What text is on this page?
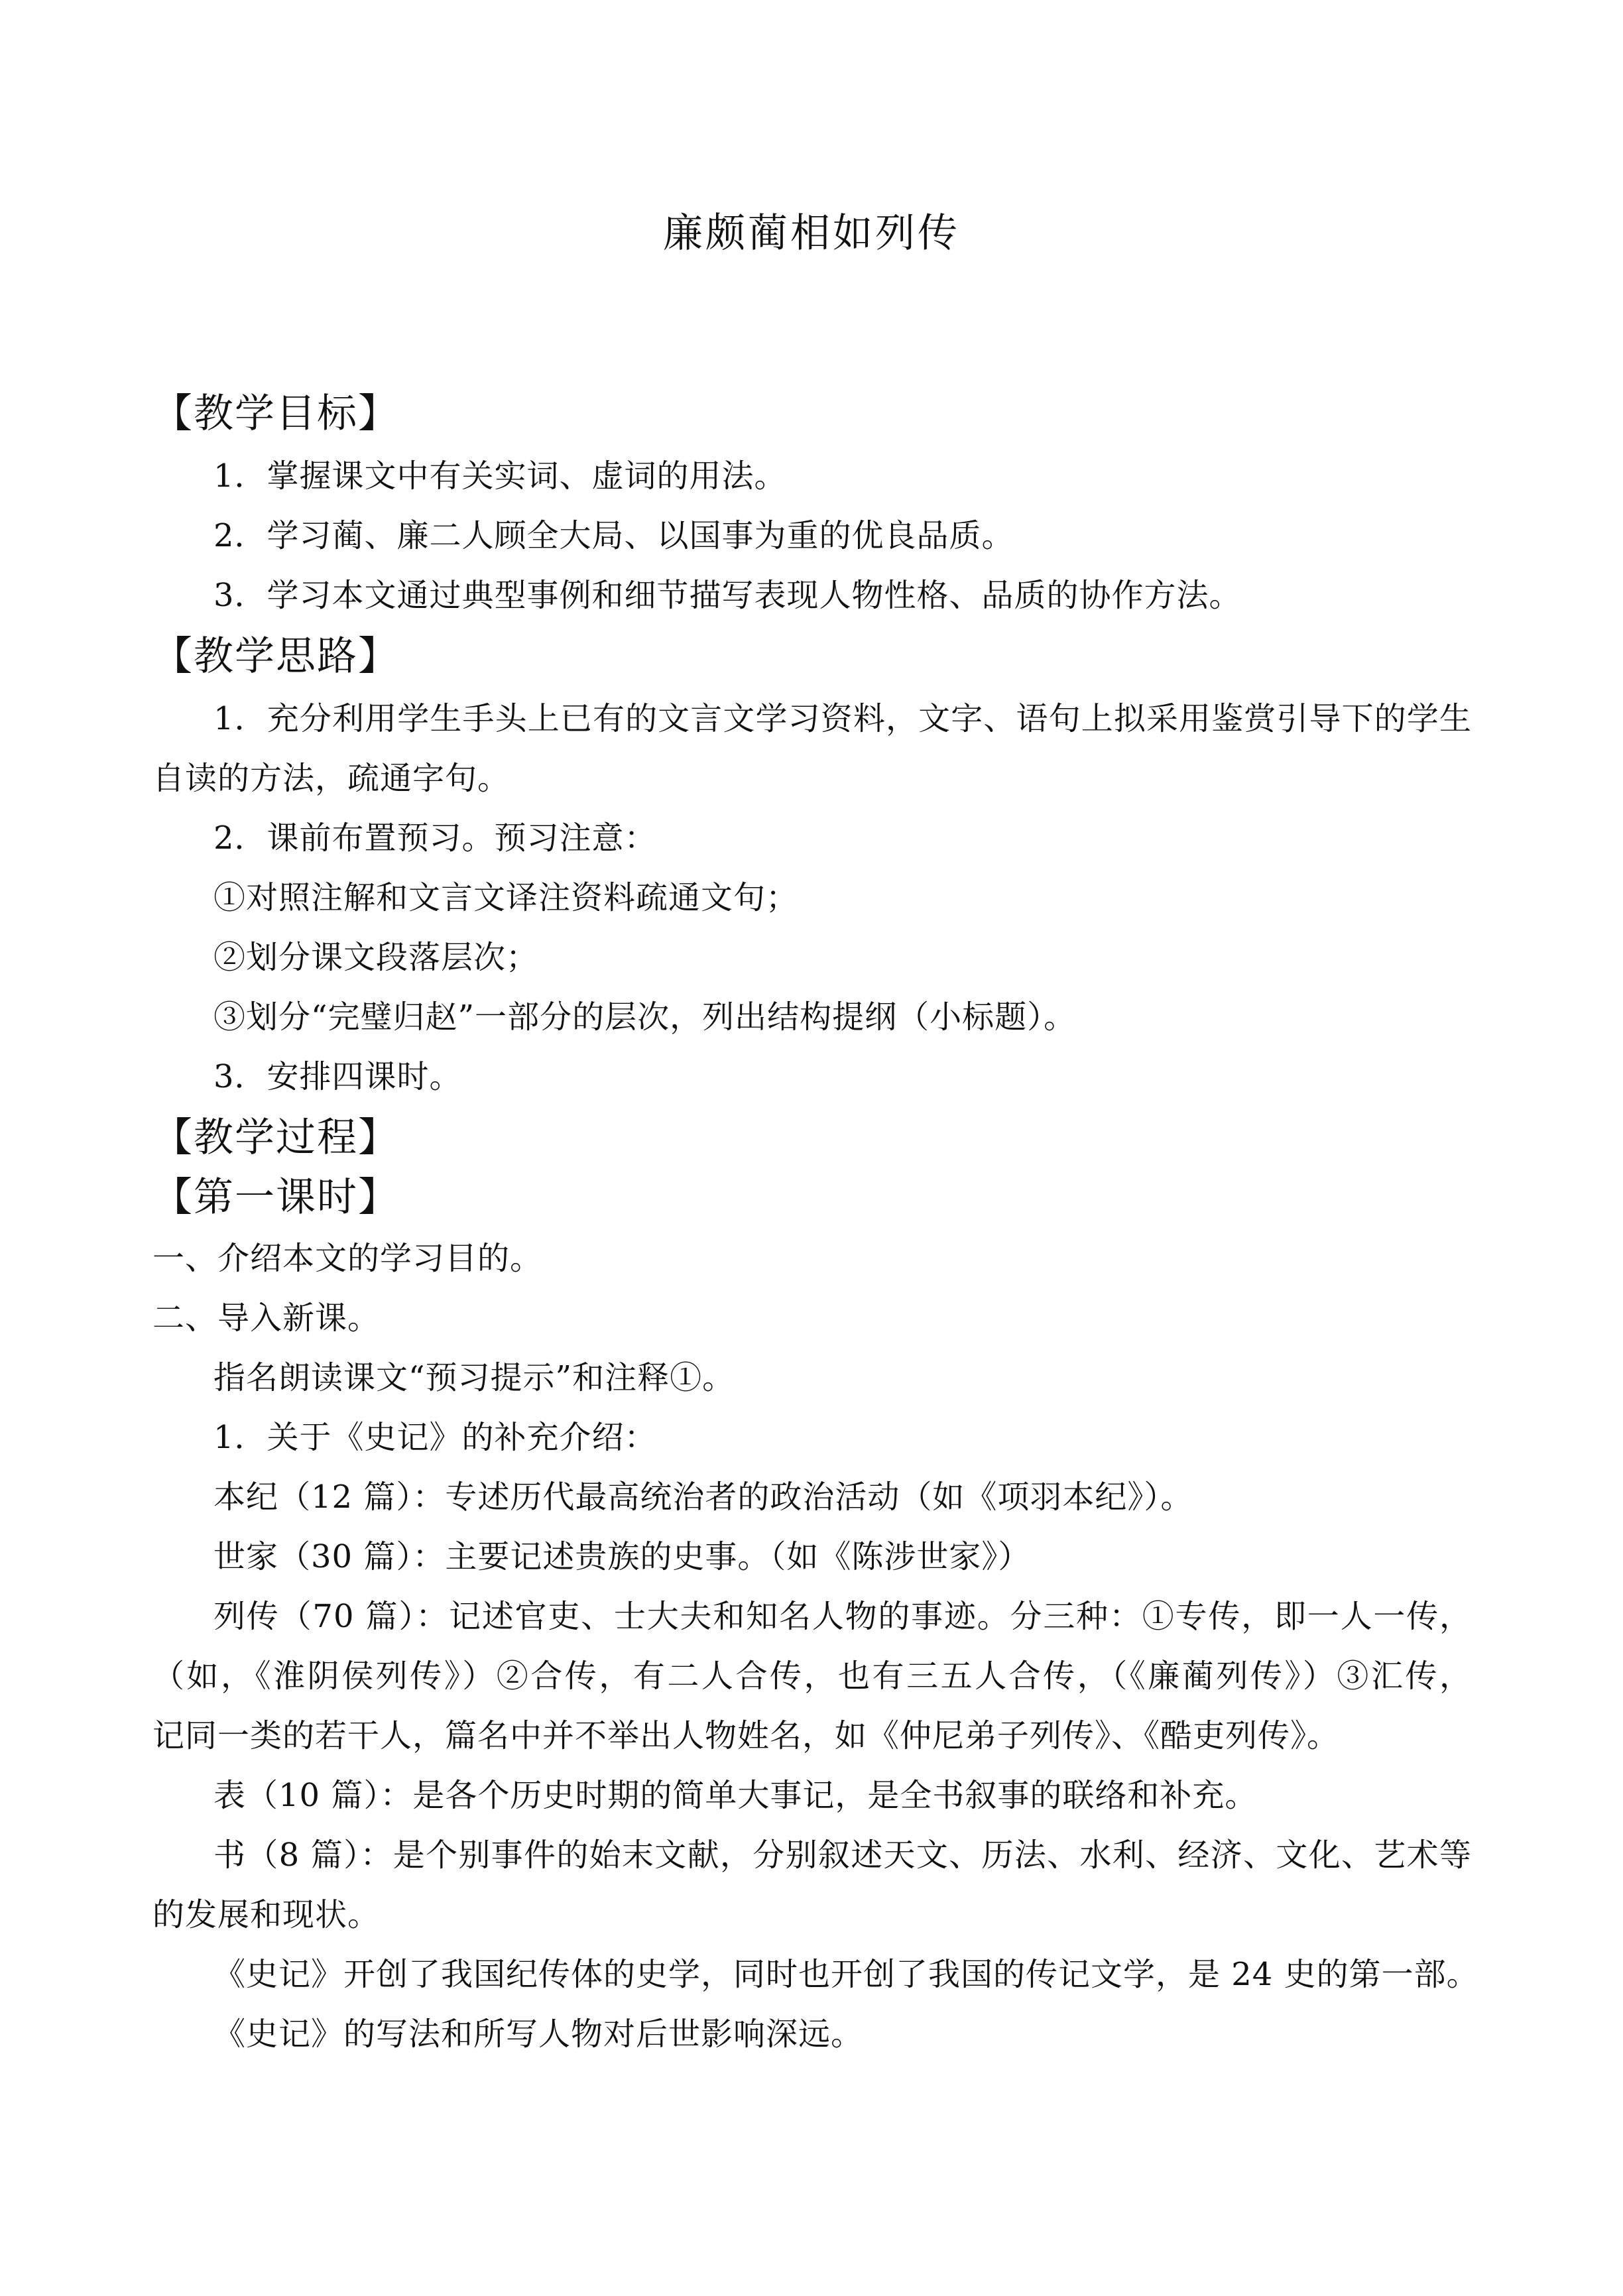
廉颇蔺相如列传
【教学目标】
1．掌握课文中有关实词、虚词的用法。
2．学习蔺、廉二人顾全大局、以国事为重的优良品质。
3．学习本文通过典型事例和细节描写表现人物性格、品质的协作方法。
【教学思路】
1．充分利用学生手头上已有的文言文学习资料，文字、语句上拟采用鉴赏引导下的学生
自读的方法，疏通字句。
2．课前布置预习。预习注意：
①对照注解和文言文译注资料疏通文句；
②划分课文段落层次；
③划分“完璧归赵”一部分的层次，列出结构提纲（小标题）。
3．安排四课时。
【教学过程】
【第一课时】
一、介绍本文的学习目的。
二、导入新课。
指名朗读课文“预习提示”和注释①。
1．关于《史记》的补充介绍：
本纪（12 篇）：专述历代最高统治者的政治活动（如《项羽本纪》）。
世家（30 篇）：主要记述贵族的史事。（如《陈涉世家》）
列传（70 篇）：记述官吏、士大夫和知名人物的事迹。分三种：①专传，即一人一传，
（如，《淮阴侯列传》）②合传，有二人合传，也有三五人合传，（《廉蔺列传》）③汇传，
记同一类的若干人，篇名中并不举出人物姓名，如《仲尼弟子列传》、《酷吏列传》。
表（10 篇）：是各个历史时期的简单大事记，是全书叙事的联络和补充。
书（8 篇）：是个别事件的始末文献，分别叙述天文、历法、水利、经济、文化、艺术等
的发展和现状。
《史记》开创了我国纪传体的史学，同时也开创了我国的传记文学，是 24 史的第一部。
《史记》的写法和所写人物对后世影响深远。
